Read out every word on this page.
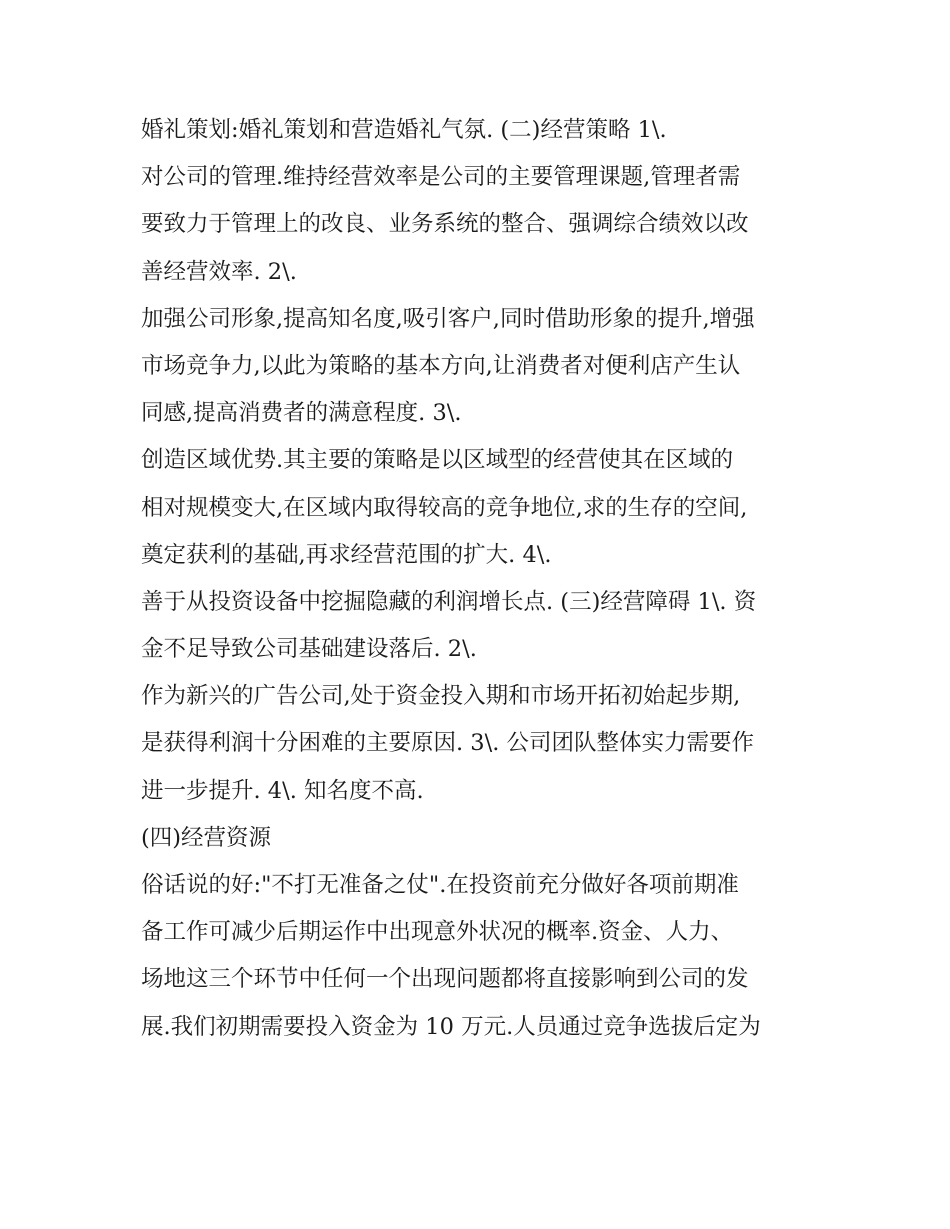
婚礼策划:婚礼策划和营造婚礼气氛. (二)经营策略 1\.
对公司的管理.维持经营效率是公司的主要管理课题,管理者需
要致力于管理上的改良、业务系统的整合、强调综合绩效以改
善经营效率. 2\.
加强公司形象,提高知名度,吸引客户,同时借助形象的提升,增强
市场竞争力,以此为策略的基本方向,让消费者对便利店产生认
同感,提高消费者的满意程度. 3\.
创造区域优势.其主要的策略是以区域型的经营使其在区域的
相对规模变大,在区域内取得较高的竞争地位,求的生存的空间,
奠定获利的基础,再求经营范围的扩大. 4\.
善于从投资设备中挖掘隐藏的利润增长点. (三)经营障碍 1\. 资
金不足导致公司基础建设落后. 2\.
作为新兴的广告公司,处于资金投入期和市场开拓初始起步期,
是获得利润十分困难的主要原因. 3\. 公司团队整体实力需要作
进一步提升. 4\. 知名度不高.
(四)经营资源
俗话说的好:"不打无准备之仗".在投资前充分做好各项前期准
备工作可减少后期运作中出现意外状况的概率.资金、人力、
场地这三个环节中任何一个出现问题都将直接影响到公司的发
展.我们初期需要投入资金为 10 万元.人员通过竞争选拔后定为
